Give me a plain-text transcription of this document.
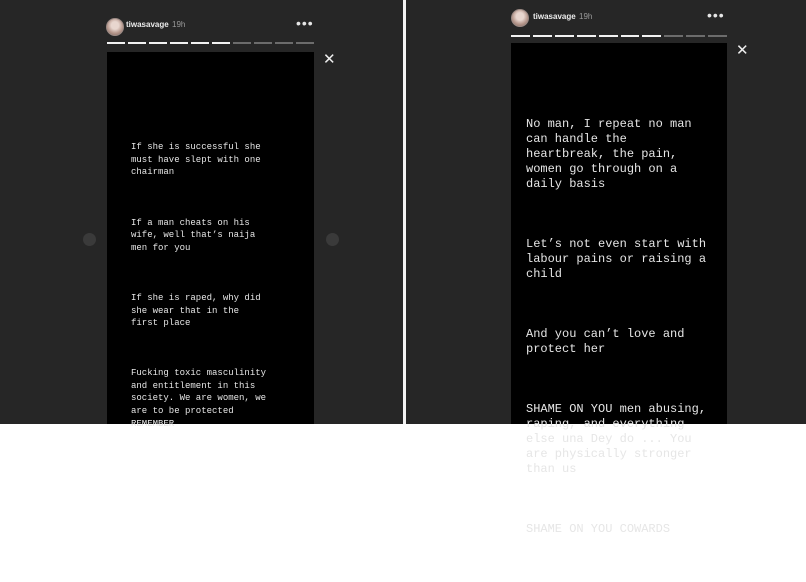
tiwasavage 19h	•••

If she is successful she
must have slept with one
chairman

If a man cheats on his
wife, well that’s naija
men for you

If she is raped, why did
she wear that in the
first place

Fucking toxic masculinity
and entitlement in this
society. We are women, we
are to be protected
REMEMBER

✕
tiwasavage 19h	•••

No man, I repeat no man
can handle the
heartbreak, the pain,
women go through on a
daily basis

Let’s not even start with
labour pains or raising a
child

And you can’t love and
protect her

SHAME ON YOU men abusing,
raping, and everything
else una Dey do ... You
are physically stronger
than us

SHAME ON YOU COWARDS

✕
